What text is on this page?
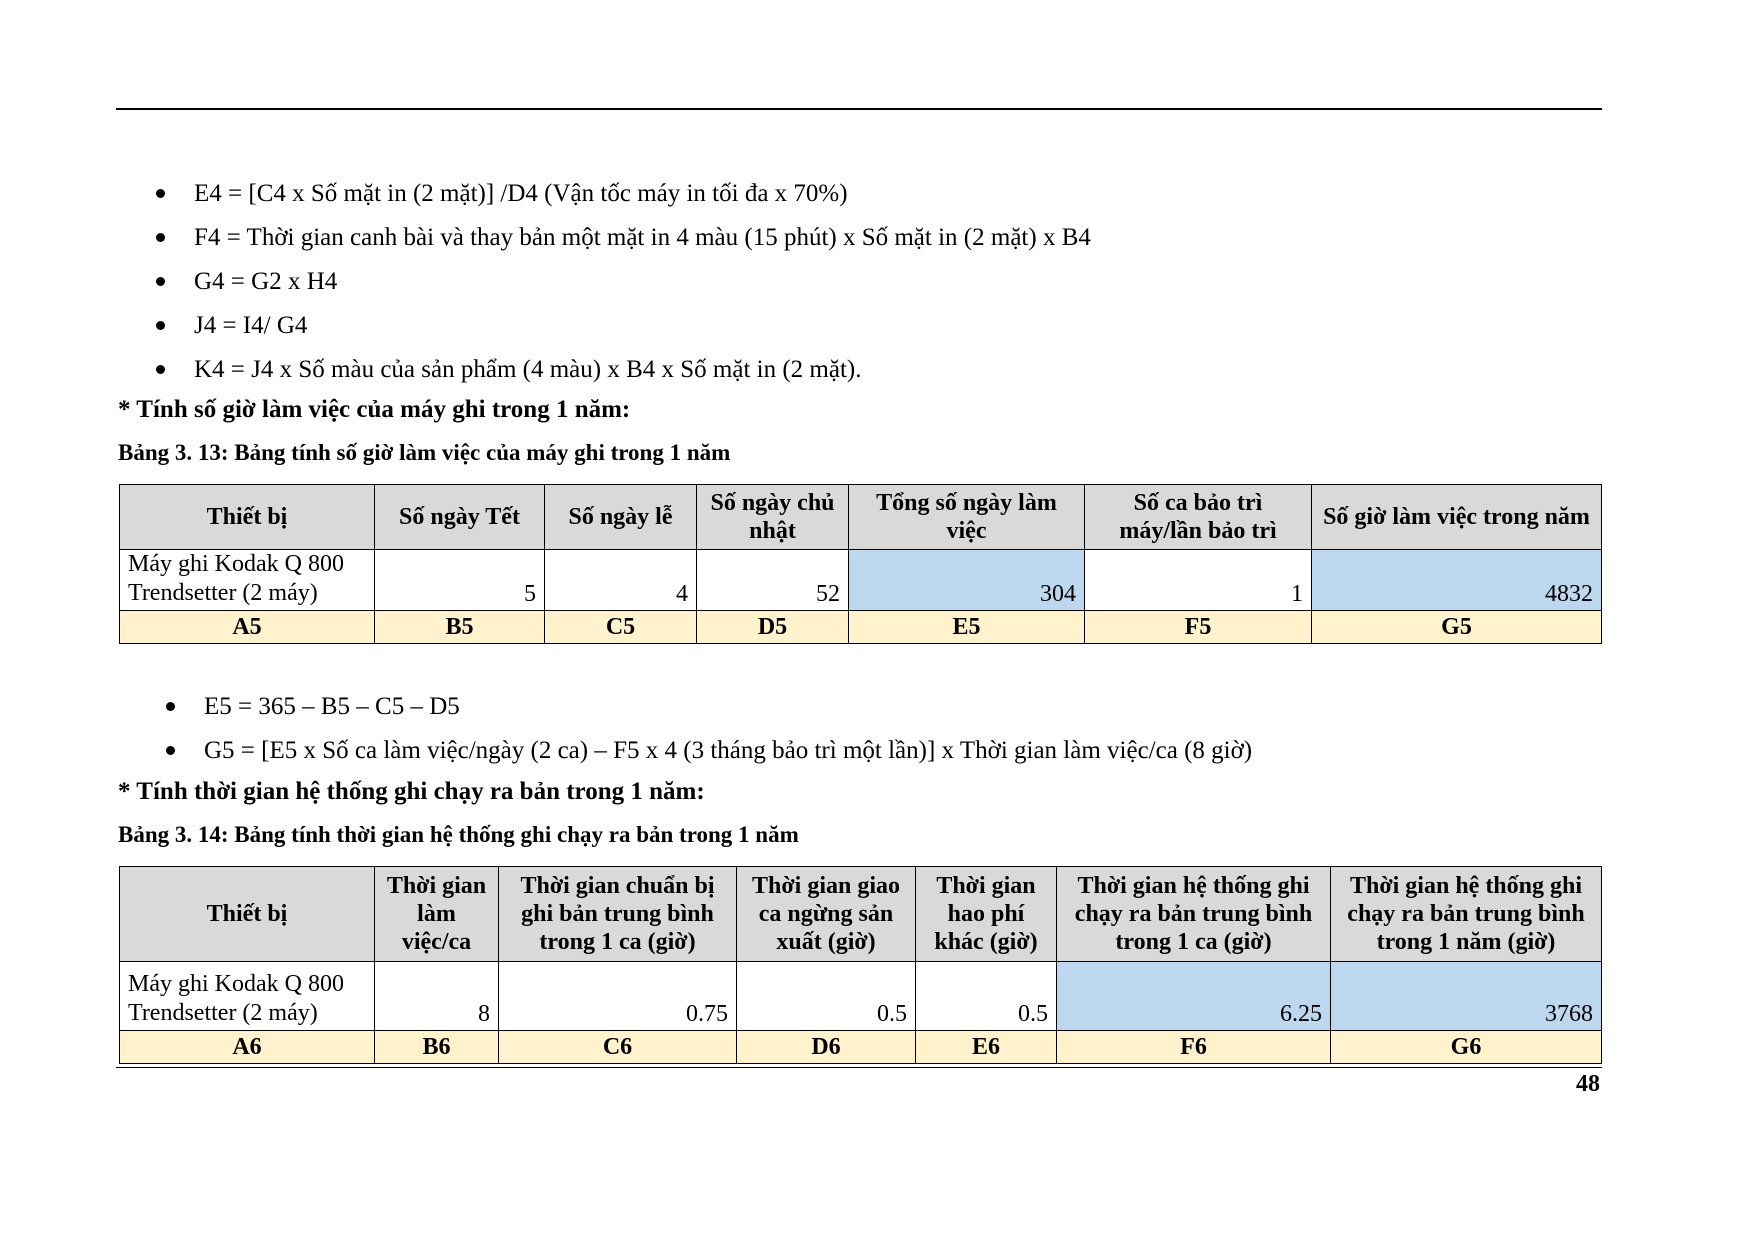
E4 = [C4 x Số mặt in (2 mặt)] /D4 (Vận tốc máy in tối đa x 70%)
F4 = Thời gian canh bài và thay bản một mặt in 4 màu (15 phút) x Số mặt in (2 mặt) x B4
G4 = G2 x H4
J4 = I4/ G4
K4 = J4 x Số màu của sản phẩm (4 màu) x B4 x Số mặt in (2 mặt).
* Tính số giờ làm việc của máy ghi trong 1 năm:
Bảng 3. 13: Bảng tính số giờ làm việc của máy ghi trong 1 năm
Thiết bị	Số ngày Tết	Số ngày lễ	Số ngày chủ nhật	Tổng số ngày làm việc	Số ca bảo trì máy/lần bảo trì	Số giờ làm việc trong năm
Máy ghi Kodak Q 800 Trendsetter (2 máy)	5	4	52	304	1	4832
A5	B5	C5	D5	E5	F5	G5
E5 = 365 – B5 – C5 – D5
G5 = [E5 x Số ca làm việc/ngày (2 ca) – F5 x 4 (3 tháng bảo trì một lần)] x Thời gian làm việc/ca (8 giờ)
* Tính thời gian hệ thống ghi chạy ra bản trong 1 năm:
Bảng 3. 14: Bảng tính thời gian hệ thống ghi chạy ra bản trong 1 năm
Thiết bị	Thời gian làm việc/ca	Thời gian chuẩn bị ghi bản trung bình trong 1 ca (giờ)	Thời gian giao ca ngừng sản xuất (giờ)	Thời gian hao phí khác (giờ)	Thời gian hệ thống ghi chạy ra bản trung bình trong 1 ca (giờ)	Thời gian hệ thống ghi chạy ra bản trung bình trong 1 năm (giờ)
Máy ghi Kodak Q 800 Trendsetter (2 máy)	8	0.75	0.5	0.5	6.25	3768
A6	B6	C6	D6	E6	F6	G6
48
